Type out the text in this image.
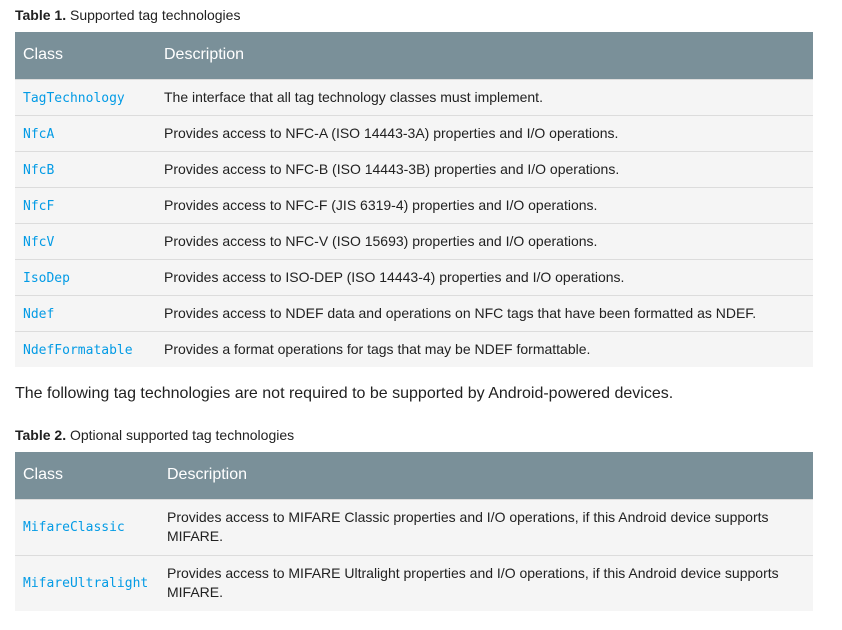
Table 1. Supported tag technologies
Class	Description
TagTechnology	The interface that all tag technology classes must implement.
NfcA	Provides access to NFC-A (ISO 14443-3A) properties and I/O operations.
NfcB	Provides access to NFC-B (ISO 14443-3B) properties and I/O operations.
NfcF	Provides access to NFC-F (JIS 6319-4) properties and I/O operations.
NfcV	Provides access to NFC-V (ISO 15693) properties and I/O operations.
IsoDep	Provides access to ISO-DEP (ISO 14443-4) properties and I/O operations.
Ndef	Provides access to NDEF data and operations on NFC tags that have been formatted as NDEF.
NdefFormatable	Provides a format operations for tags that may be NDEF formattable.
The following tag technologies are not required to be supported by Android-powered devices.
Table 2. Optional supported tag technologies
Class	Description
MifareClassic	Provides access to MIFARE Classic properties and I/O operations, if this Android device supports MIFARE.
MifareUltralight	Provides access to MIFARE Ultralight properties and I/O operations, if this Android device supports MIFARE.
